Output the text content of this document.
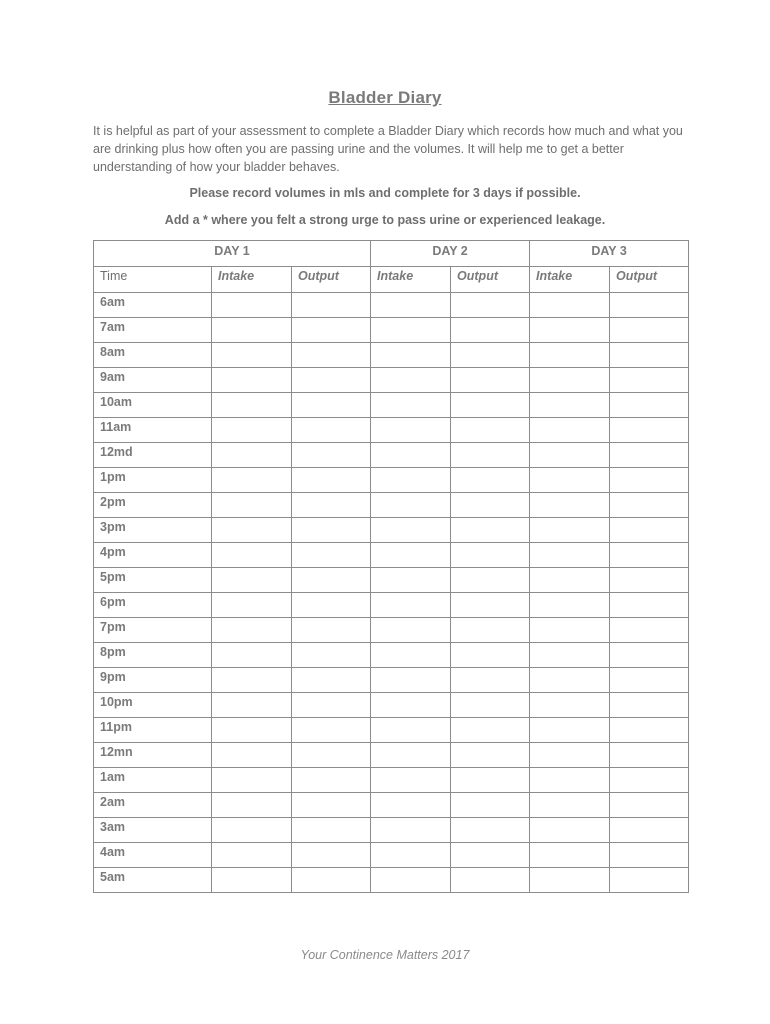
Bladder Diary

It is helpful as part of your assessment to complete a Bladder Diary which records how much and what you are drinking plus how often you are passing urine and the volumes. It will help me to get a better understanding of how your bladder behaves.

Please record volumes in mls and complete for 3 days if possible.
Add a * where you felt a strong urge to pass urine or experienced leakage.
DAY 1			DAY 2		DAY 3	
Time	Intake	Output	Intake	Output	Intake	Output
6am						
7am						
8am						
9am						
10am						
11am						
12md						
1pm						
2pm						
3pm						
4pm						
5pm						
6pm						
7pm						
8pm						
9pm						
10pm						
11pm						
12mn						
1am						
2am						
3am						
4am						
5am						
Your Continence Matters 2017
